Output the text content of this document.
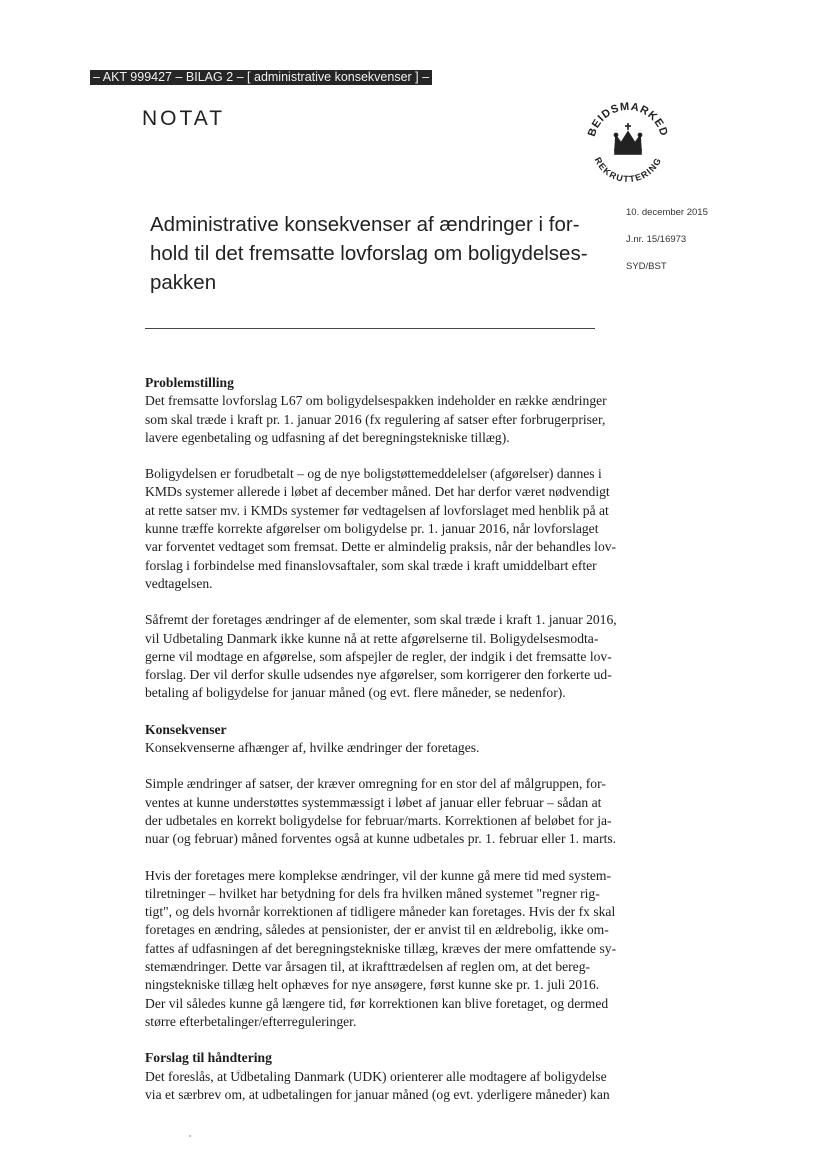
– AKT 999427 – BILAG 2 – [ administrative konsekvenser ] –
NOTAT
BEIDSMARKED
REKRUTTERING
10. december 2015
J.nr. 15/16973
SYD/BST
Administrative konsekvenser af ændringer i for-
hold til det fremsatte lovforslag om boligydelses-
pakken
Problemstilling

Det fremsatte lovforslag L67 om boligydelsespakken indeholder en række ændringer
som skal træde i kraft pr. 1. januar 2016 (fx regulering af satser efter forbrugerpriser,
lavere egenbetaling og udfasning af det beregningstekniske tillæg).

Boligydelsen er forudbetalt – og de nye boligstøttemeddelelser (afgørelser) dannes i
KMDs systemer allerede i løbet af december måned. Det har derfor været nødvendigt
at rette satser mv. i KMDs systemer før vedtagelsen af lovforslaget med henblik på at
kunne træffe korrekte afgørelser om boligydelse pr. 1. januar 2016, når lovforslaget
var forventet vedtaget som fremsat. Dette er almindelig praksis, når der behandles lov-
forslag i forbindelse med finanslovsaftaler, som skal træde i kraft umiddelbart efter
vedtagelsen.

Såfremt der foretages ændringer af de elementer, som skal træde i kraft 1. januar 2016,
vil Udbetaling Danmark ikke kunne nå at rette afgørelserne til. Boligydelsesmodta-
gerne vil modtage en afgørelse, som afspejler de regler, der indgik i det fremsatte lov-
forslag. Der vil derfor skulle udsendes nye afgørelser, som korrigerer den forkerte ud-
betaling af boligydelse for januar måned (og evt. flere måneder, se nedenfor).

Konsekvenser

Konsekvenserne afhænger af, hvilke ændringer der foretages.

Simple ændringer af satser, der kræver omregning for en stor del af målgruppen, for-
ventes at kunne understøttes systemmæssigt i løbet af januar eller februar – sådan at
der udbetales en korrekt boligydelse for februar/marts. Korrektionen af beløbet for ja-
nuar (og februar) måned forventes også at kunne udbetales pr. 1. februar eller 1. marts.

Hvis der foretages mere komplekse ændringer, vil der kunne gå mere tid med system-
tilretninger – hvilket har betydning for dels fra hvilken måned systemet "regner rig-
tigt", og dels hvornår korrektionen af tidligere måneder kan foretages. Hvis der fx skal
foretages en ændring, således at pensionister, der er anvist til en ældrebolig, ikke om-
fattes af udfasningen af det beregningstekniske tillæg, kræves der mere omfattende sy-
stemændringer. Dette var årsagen til, at ikrafttrædelsen af reglen om, at det bereg-
ningstekniske tillæg helt ophæves for nye ansøgere, først kunne ske pr. 1. juli 2016.
Der vil således kunne gå længere tid, før korrektionen kan blive foretaget, og dermed
større efterbetalinger/efterreguleringer.

Forslag til håndtering

Det foreslås, at Udbetaling Danmark (UDK) orienterer alle modtagere af boligydelse
via et særbrev om, at udbetalingen for januar måned (og evt. yderligere måneder) kan
